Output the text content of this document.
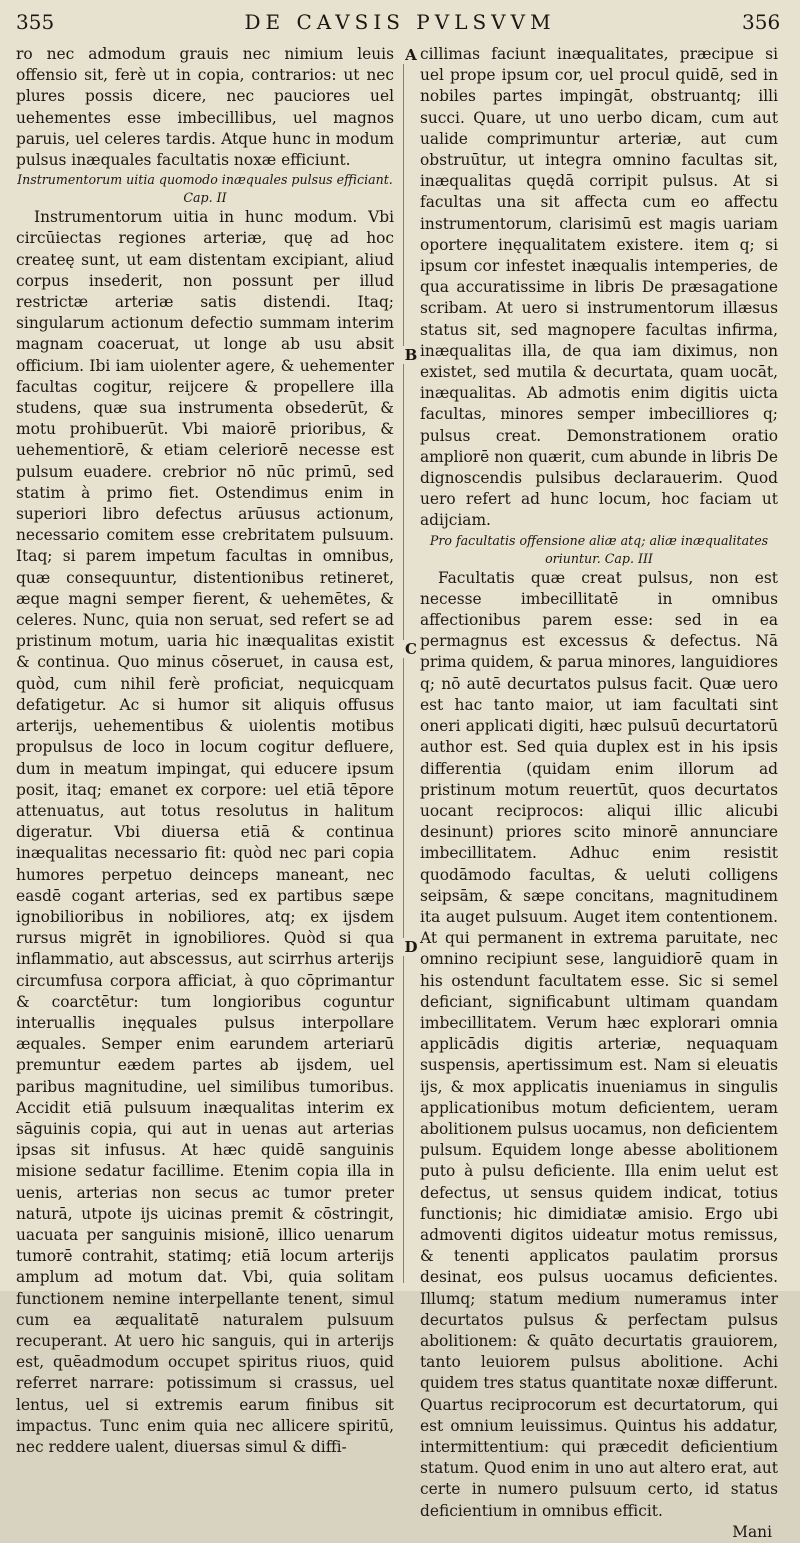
355	DE CAVSIS PVLSVVM	356
A
B
C
D

ro nec admodum grauis nec nimium leuis offensio sit, ferè ut in copia, contrarios: ut nec plures possis dicere, nec pauciores uel uehementes esse imbecillibus, uel magnos paruis, uel celeres tardis. Atque hunc in modum pulsus inæquales facultatis noxæ efficiunt.

Instrumentorum uitia quomodo inæquales pulsus efficiant. Cap. II

Instrumentorum uitia in hunc modum. Vbi circūiectas regiones arteriæ, quę ad hoc createę sunt, ut eam distentam excipiant, aliud corpus insederit, non possunt per illud restrictæ arteriæ satis distendi. Itaq; singularum actionum defectio summam interim magnam coaceruat, ut longe ab usu absit officium. Ibi iam uiolenter agere, & uehementer facultas cogitur, reijcere & propellere illa studens, quæ sua instrumenta obsederūt, & motu prohibuerūt. Vbi maiorē prioribus, & uehementiorē, & etiam celeriorē necesse est pulsum euadere. crebrior nō nūc primū, sed statim à primo fiet. Ostendimus enim in superiori libro defectus arūusus actionum, necessario comitem esse crebritatem pulsuum. Itaq; si parem impetum facultas in omnibus, quæ consequuntur, distentionibus retineret, æque magni semper fierent, & uehemētes, & celeres. Nunc, quia non seruat, sed refert se ad pristinum motum, uaria hic inæqualitas existit & continua. Quo minus cōseruet, in causa est, quòd, cum nihil ferè proficiat, nequicquam defatigetur. Ac si humor sit aliquis offusus arterijs, uehementibus & uiolentis motibus propulsus de loco in locum cogitur defluere, dum in meatum impingat, qui educere ipsum posit, itaq; emanet ex corpore: uel etiā tēpore attenuatus, aut totus resolutus in halitum digeratur. Vbi diuersa etiā & continua inæqualitas necessario fit: quòd nec pari copia humores perpetuo deinceps maneant, nec easdē cogant arterias, sed ex partibus sæpe ignobilioribus in nobiliores, atq; ex ijsdem rursus migrēt in ignobiliores. Quòd si qua inflammatio, aut abscessus, aut scirrhus arterijs circumfusa corpora afficiat, à quo cōprimantur & coarctētur: tum longioribus coguntur interuallis inęquales pulsus interpollare æquales. Semper enim earundem arteriarū premuntur eædem partes ab ijsdem, uel paribus magnitudine, uel similibus tumoribus. Accidit etiā pulsuum inæqualitas interim ex sāguinis copia, qui aut in uenas aut arterias ipsas sit infusus. At hæc quidē sanguinis misione sedatur facillime. Etenim copia illa in uenis, arterias non secus ac tumor preter naturā, utpote ijs uicinas premit & cōstringit, uacuata per sanguinis misionē, illico uenarum tumorē contrahit, statimq; etiā locum arterijs amplum ad motum dat. Vbi, quia solitam functionem nemine interpellante tenent, simul cum ea æqualitatē naturalem pulsuum recuperant. At uero hic sanguis, qui in arterijs est, quēadmodum occupet spiritus riuos, quid referret narrare: potissimum si crassus, uel lentus, uel si extremis earum finibus sit impactus. Tunc enim quia nec allicere spiritū, nec reddere ualent, diuersas simul & diffi-

cillimas faciunt inæqualitates, præcipue si uel prope ipsum cor, uel procul quidē, sed in nobiles partes impingāt, obstruantq; illi succi. Quare, ut uno uerbo dicam, cum aut ualide comprimuntur arteriæ, aut cum obstruūtur, ut integra omnino facultas sit, inæqualitas quędā corripit pulsus. At si facultas una sit affecta cum eo affectu instrumentorum, clarisimū est magis uariam oportere inęqualitatem existere. item q; si ipsum cor infestet inæqualis intemperies, de qua accuratissime in libris De præsagatione scribam. At uero si instrumentorum illæsus status sit, sed magnopere facultas infirma, inæqualitas illa, de qua iam diximus, non existet, sed mutila & decurtata, quam uocāt, inæqualitas. Ab admotis enim digitis uicta facultas, minores semper imbecilliores q; pulsus creat. Demonstrationem oratio ampliorē non quærit, cum abunde in libris De dignoscendis pulsibus declarauerim. Quod uero refert ad hunc locum, hoc faciam ut adijciam.

Pro facultatis offensione aliæ atq; aliæ inæqualitates oriuntur. Cap. III

Facultatis quæ creat pulsus, non est necesse imbecillitatē in omnibus affectionibus parem esse: sed in ea permagnus est excessus & defectus. Nā prima quidem, & parua minores, languidiores q; nō autē decurtatos pulsus facit. Quæ uero est hac tanto maior, ut iam facultati sint oneri applicati digiti, hæc pulsuū decurtatorū author est. Sed quia duplex est in his ipsis differentia (quidam enim illorum ad pristinum motum reuertūt, quos decurtatos uocant reciprocos: aliqui illic alicubi desinunt) priores scito minorē annunciare imbecillitatem. Adhuc enim resistit quodāmodo facultas, & ueluti colligens seipsām, & sæpe concitans, magnitudinem ita auget pulsuum. Auget item contentionem. At qui permanent in extrema paruitate, nec omnino recipiunt sese, languidiorē quam in his ostendunt facultatem esse. Sic si semel deficiant, significabunt ultimam quandam imbecillitatem. Verum hæc explorari omnia applicādis digitis arteriæ, nequaquam suspensis, apertissimum est. Nam si eleuatis ijs, & mox applicatis inueniamus in singulis applicationibus motum deficientem, ueram abolitionem pulsus uocamus, non deficientem pulsum. Equidem longe abesse abolitionem puto à pulsu deficiente. Illa enim uelut est defectus, ut sensus quidem indicat, totius functionis; hic dimidiatæ amisio. Ergo ubi admoventi digitos uideatur motus remissus, & tenenti applicatos paulatim prorsus desinat, eos pulsus uocamus deficientes. Illumq; statum medium numeramus inter decurtatos pulsus & perfectam pulsus abolitionem: & quāto decurtatis grauiorem, tanto leuiorem pulsus abolitione. Achi quidem tres status quantitate noxæ differunt. Quartus reciprocorum est decurtatorum, qui est omnium leuissimus. Quintus his addatur, intermittentium: qui præcedit deficientium statum. Quod enim in uno aut altero erat, aut certe in numero pulsuum certo, id status deficientium in omnibus efficit.

Mani
